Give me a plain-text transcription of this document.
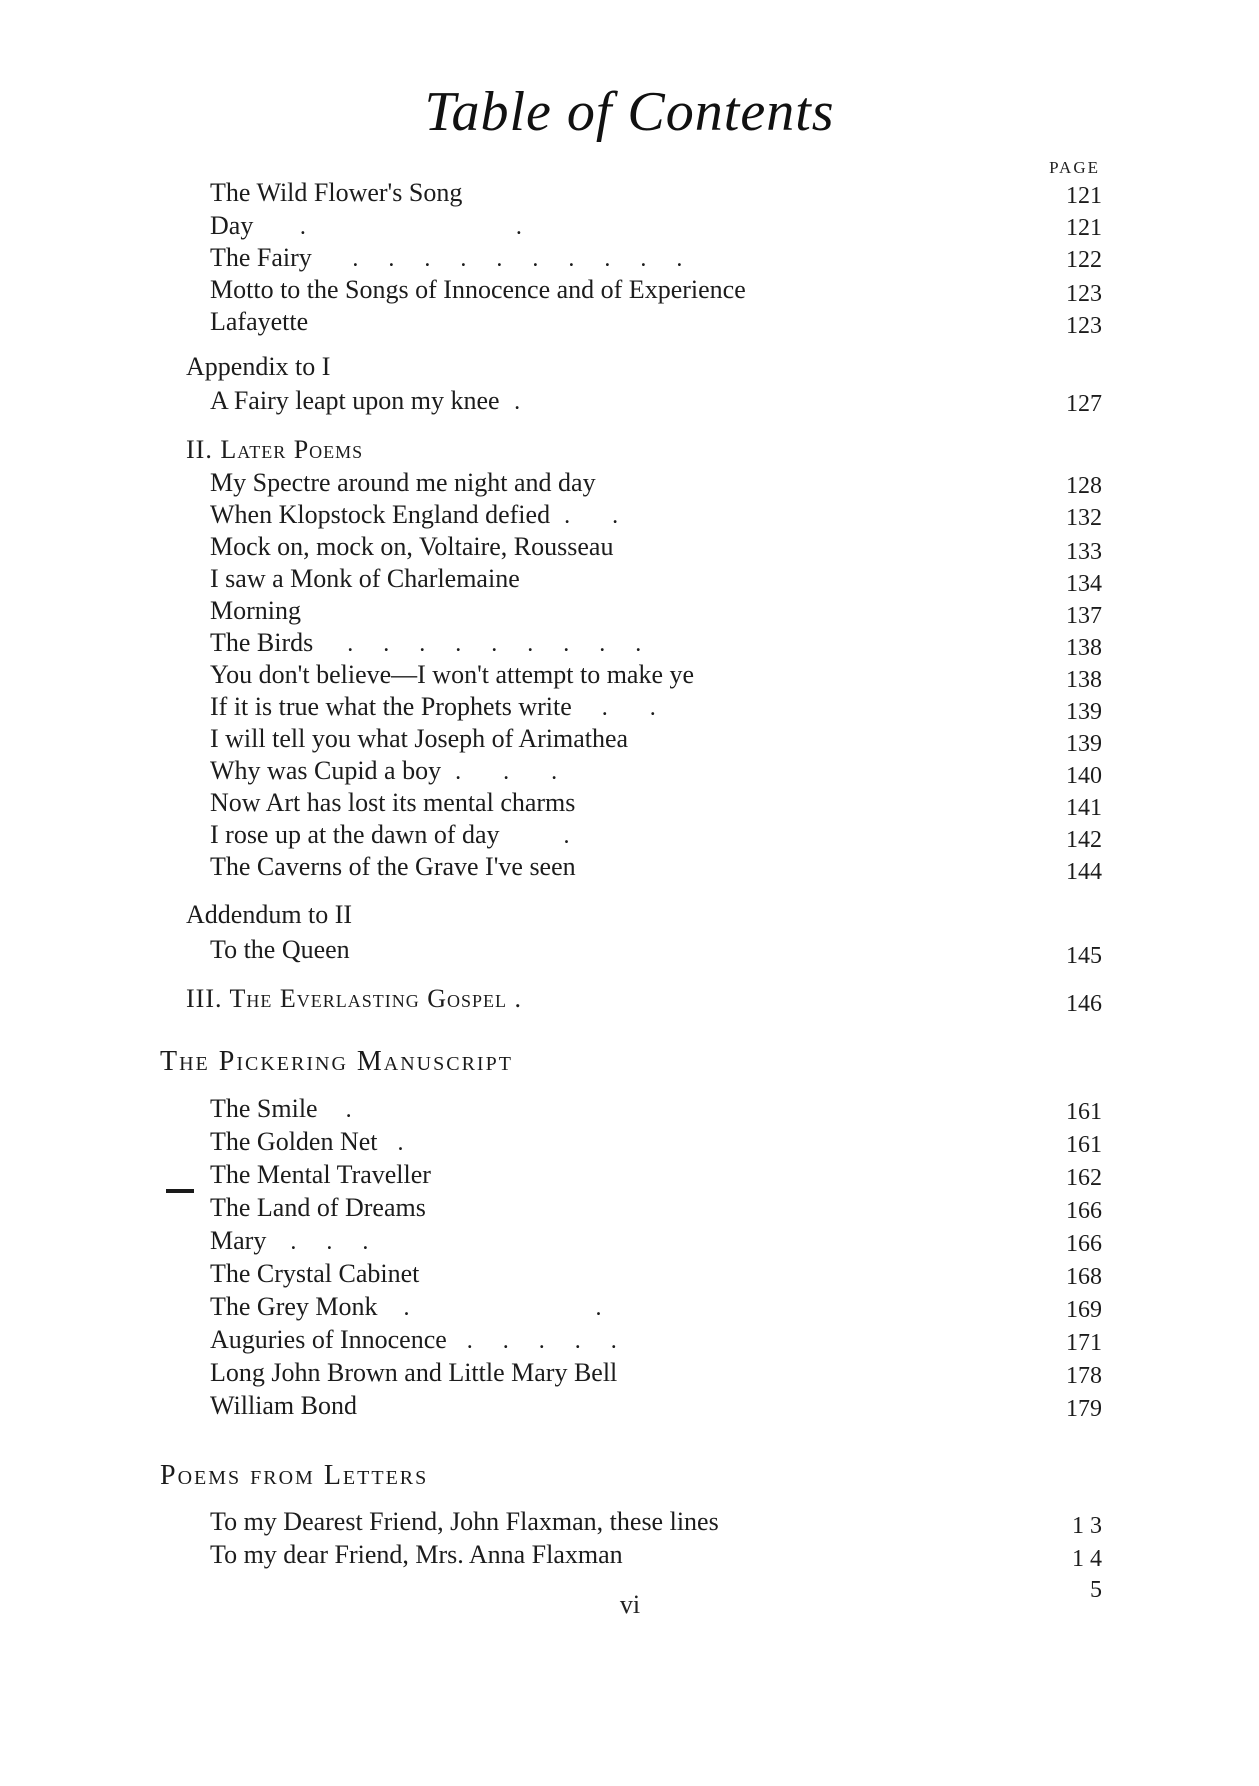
Table of Contents
PAGE
The Wild Flower's Song	121
Day .                                   .	121
The Fairy .     .     .     .     .     .     .     .     .     .	122
Motto to the Songs of Innocence and of Experience	123
Lafayette	123
Appendix to I
A Fairy leapt upon my knee .	127
II. Later Poems
My Spectre around me night and day	128
When Klopstock England defied .       .	132
Mock on, mock on, Voltaire, Rousseau	133
I saw a Monk of Charlemaine	134
Morning	137
The Birds .     .     .     .     .     .     .     .     .	138
You don't believe—I won't attempt to make ye	138
If it is true what the Prophets write .       .	139
I will tell you what Joseph of Arimathea	139
Why was Cupid a boy .       .       .	140
Now Art has lost its mental charms	141
I rose up at the dawn of day	.	142
The Caverns of the Grave I've seen	144
Addendum to II
To the Queen	145
III. The Everlasting Gospel .	146
The Pickering Manuscript
The Smile .	161
The Golden Net .	161
The Mental Traveller	162
The Land of Dreams	166
Mary .     .     .	166
The Crystal Cabinet	168
The Grey Monk .                               .	169
Auguries of Innocence .     .     .     .     .	171
Long John Brown and Little Mary Bell	178
William Bond	179
Poems from Letters
To my Dearest Friend, John Flaxman, these lines	1 3
To my dear Friend, Mrs. Anna Flaxman	1 4
5
vi
